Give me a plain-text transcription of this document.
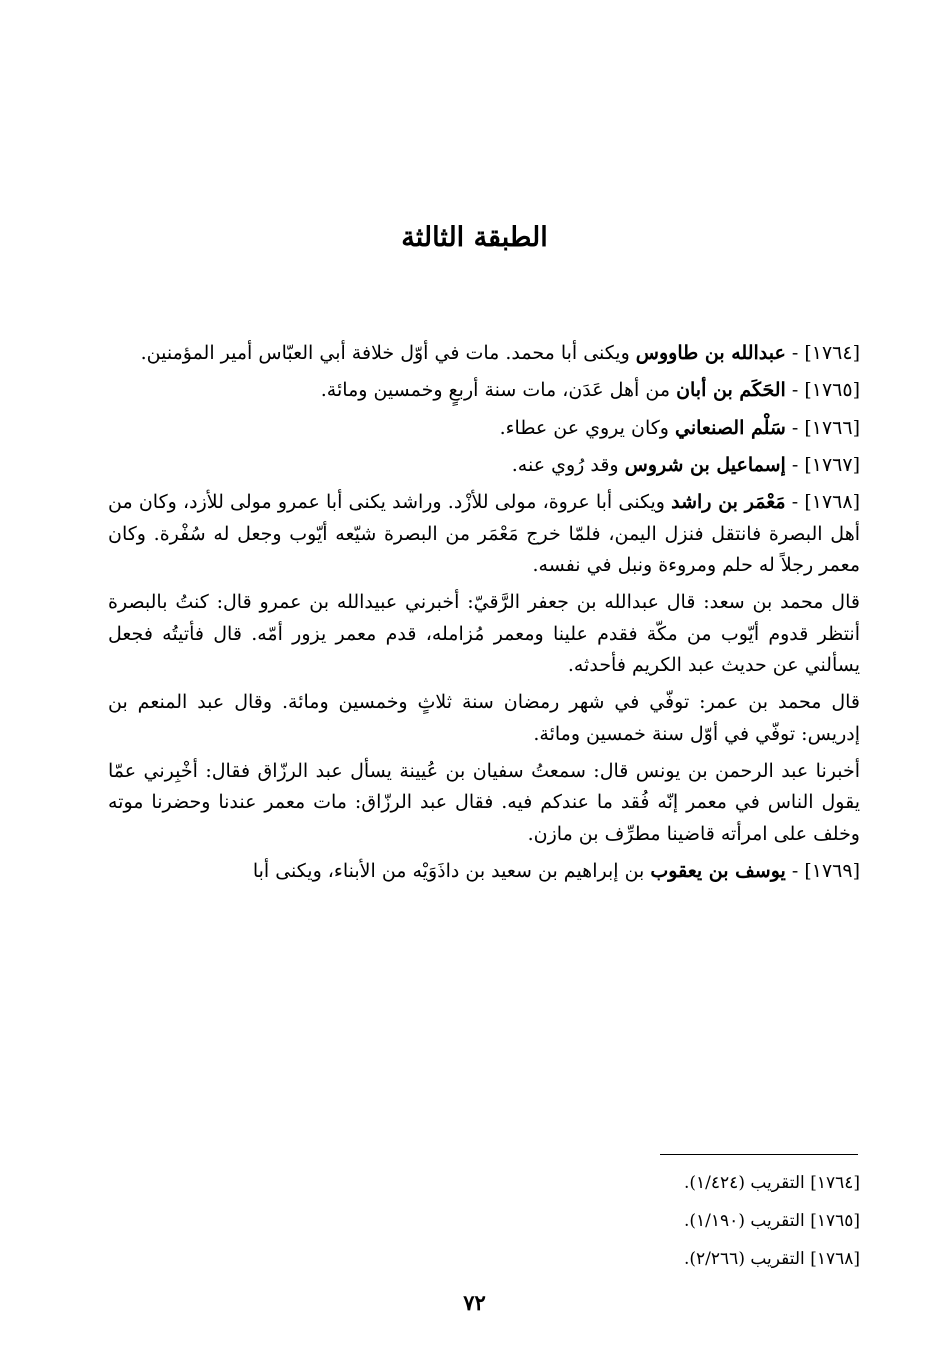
الطبقة الثالثة

[١٧٦٤] - عبدالله بن طاووس ويكنى أبا محمد. مات في أوّل خلافة أبي العبّاس أمير المؤمنين.

[١٧٦٥] - الحَكَم بن أبان من أهل عَدَن، مات سنة أربعٍ وخمسين ومائة.

[١٧٦٦] - سَلْم الصنعاني وكان يروي عن عطاء.

[١٧٦٧] - إسماعيل بن شروس وقد رُوي عنه.

[١٧٦٨] - مَعْمَر بن راشد ويكنى أبا عروة، مولى للأزْد. وراشد يكنى أبا عمرو مولى للأزد، وكان من أهل البصرة فانتقل فنزل اليمن، فلمّا خرج مَعْمَر من البصرة شيّعه أيّوب وجعل له سُفْرة. وكان معمر رجلاً له حلم ومروءة ونبل في نفسه.

قال محمد بن سعد: قال عبدالله بن جعفر الرَّقيّ: أخبرني عبيدالله بن عمرو قال: كنتُ بالبصرة أنتظر قدوم أيّوب من مكّة فقدم علينا ومعمر مُزامله، قدم معمر يزور أمّه. قال فأتيتُه فجعل يسألني عن حديث عبد الكريم فأحدثه.

قال محمد بن عمر: توفّي في شهر رمضان سنة ثلاثٍ وخمسين ومائة. وقال عبد المنعم بن إدريس: توفّي في أوّل سنة خمسين ومائة.

أخبرنا عبد الرحمن بن يونس قال: سمعتُ سفيان بن عُيينة يسأل عبد الرزّاق فقال: أخْبِرني عمّا يقول الناس في معمر إنّه فُقد ما عندكم فيه. فقال عبد الرزّاق: مات معمر عندنا وحضرنا موته وخلف على امرأته قاضينا مطرِّف بن مازن.

[١٧٦٩] - يوسف بن يعقوب بن إبراهيم بن سعيد بن داذَوَيْه من الأبناء، ويكنى أبا

[١٧٦٤] التقريب (١/٤٢٤).
[١٧٦٥] التقريب (١/١٩٠).
[١٧٦٨] التقريب (٢/٢٦٦).
٧٢
